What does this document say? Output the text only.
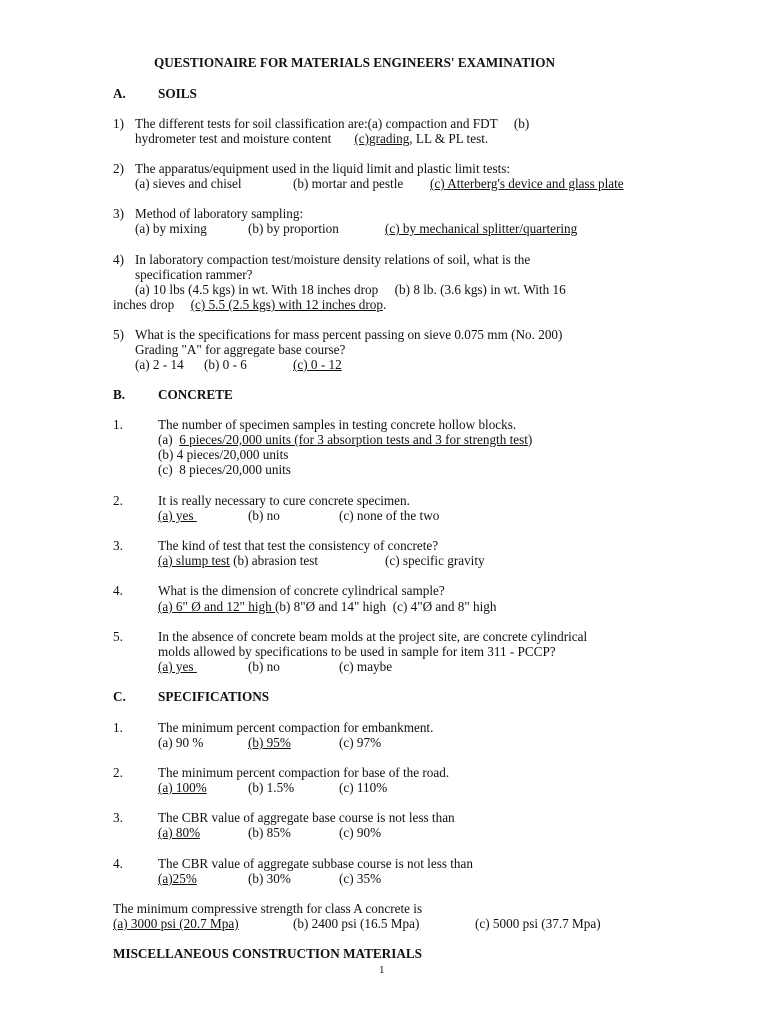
QUESTIONAIRE FOR MATERIALS ENGINEERS' EXAMINATION
A. SOILS
1) The different tests for soil classification are:(a) compaction and FDT     (b)
hydrometer test and moisture content       (c)grading, LL & PL test.
2) The apparatus/equipment used in the liquid limit and plastic limit tests:
(a) sieves and chisel	(b) mortar and pestle (c) Atterberg's device and glass plate
3) Method of laboratory sampling:
(a) by mixing	(b) by proportion	(c) by mechanical splitter/quartering
4) In laboratory compaction test/moisture density relations of soil, what is the
specification rammer?
(a) 10 lbs (4.5 kgs) in wt. With 18 inches drop     (b) 8 lb. (3.6 kgs) in wt. With 16
inches drop     (c) 5.5 (2.5 kgs) with 12 inches drop.
5) What is the specifications for mass percent passing on sieve 0.075 mm (No. 200)
Grading "A" for aggregate base course?
(a) 2 - 14 (b) 0 - 6	(c) 0 - 12
B. CONCRETE
1.	The number of specimen samples in testing concrete hollow blocks.
(a)  6 pieces/20,000 units (for 3 absorption tests and 3 for strength test)
(b) 4 pieces/20,000 units
(c)  8 pieces/20,000 units
2.	It is really necessary to cure concrete specimen.
(a) yes	(b) no	(c) none of the two
3.	The kind of test that test the consistency of concrete?
(a) slump test (b) abrasion test	(c) specific gravity
4.	What is the dimension of concrete cylindrical sample?
(a) 6" Ø and 12" high (b) 8"Ø and 14" high  (c) 4"Ø and 8" high
5.	In the absence of concrete beam molds at the project site, are concrete cylindrical
molds allowed by specifications to be used in sample for item 311 - PCCP?
(a) yes	(b) no	(c) maybe
C. SPECIFICATIONS
1.	The minimum percent compaction for embankment.
(a) 90 %	(b) 95%	(c) 97%
2.	The minimum percent compaction for base of the road.
(a) 100%	(b) 1.5%	(c) 110%
3.	The CBR value of aggregate base course is not less than
(a) 80%	(b) 85%	(c) 90%
4.	The CBR value of aggregate subbase course is not less than
(a)25%	(b) 30%	(c) 35%
The minimum compressive strength for class A concrete is
(a) 3000 psi (20.7 Mpa)	(b) 2400 psi (16.5 Mpa)	(c) 5000 psi (37.7 Mpa)
MISCELLANEOUS CONSTRUCTION MATERIALS
1
